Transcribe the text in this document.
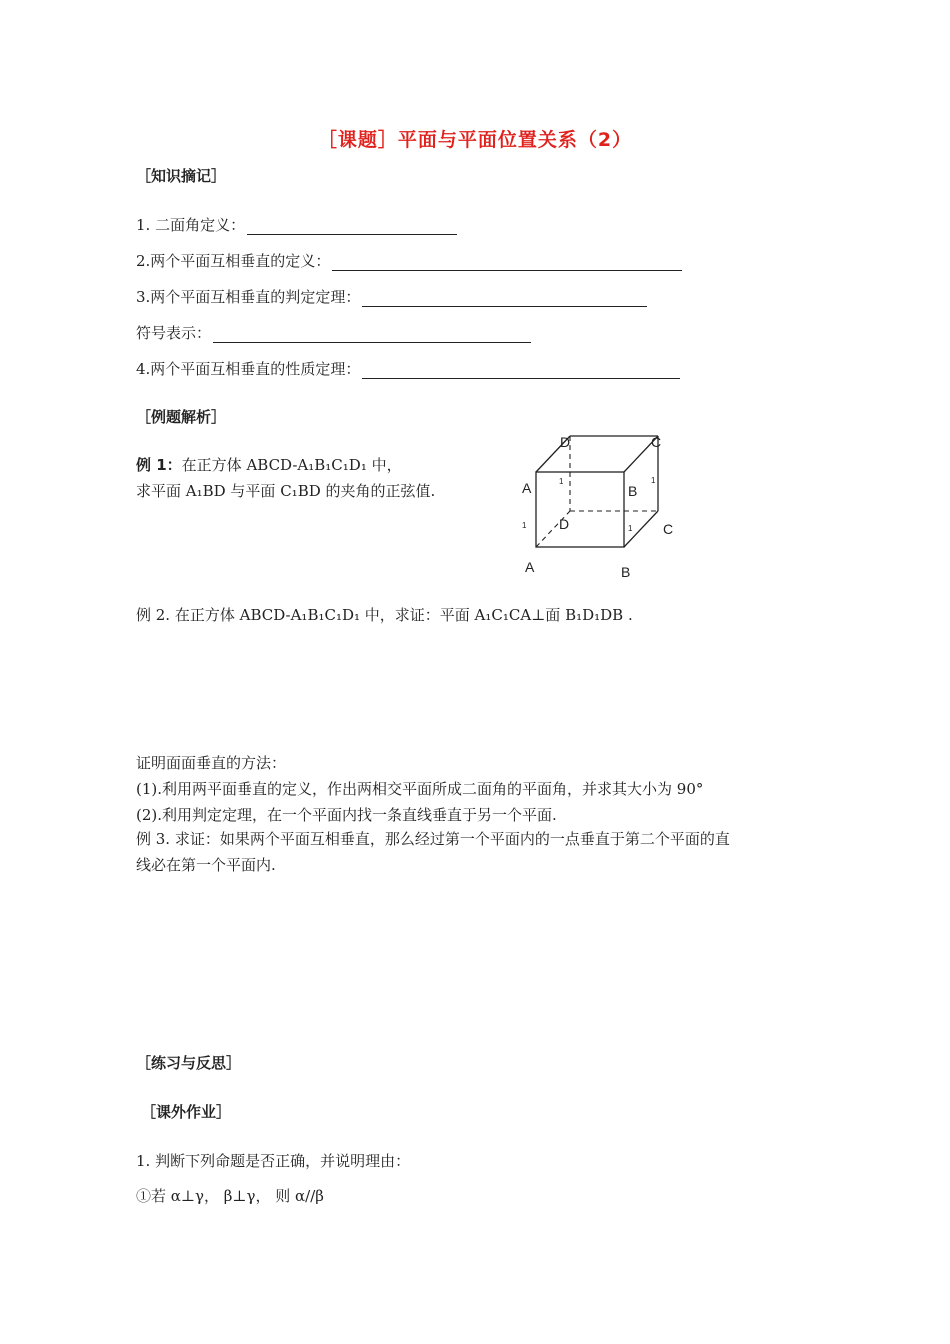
［课题］平面与平面位置关系（2）
［知识摘记］
1. 二面角定义：
2.两个平面互相垂直的定义：
3.两个平面互相垂直的判定定理：
符号表示：
4.两个平面互相垂直的性质定理：
［例题解析］
例 1：在正方体 ABCD-A₁B₁C₁D₁ 中，
求平面 A₁BD 与平面 C₁BD 的夹角的正弦值.
D	C
A	B
D	C
A	B
1	1
1	1
例 2. 在正方体 ABCD-A₁B₁C₁D₁ 中，求证：平面 A₁C₁CA⊥面 B₁D₁DB .
证明面面垂直的方法：
(1).利用两平面垂直的定义，作出两相交平面所成二面角的平面角，并求其大小为 90°
(2).利用判定定理，在一个平面内找一条直线垂直于另一个平面.
例 3. 求证：如果两个平面互相垂直，那么经过第一个平面内的一点垂直于第二个平面的直
线必在第一个平面内.
［练习与反思］
［课外作业］
1. 判断下列命题是否正确，并说明理由：
①若 α⊥γ， β⊥γ， 则 α//β
